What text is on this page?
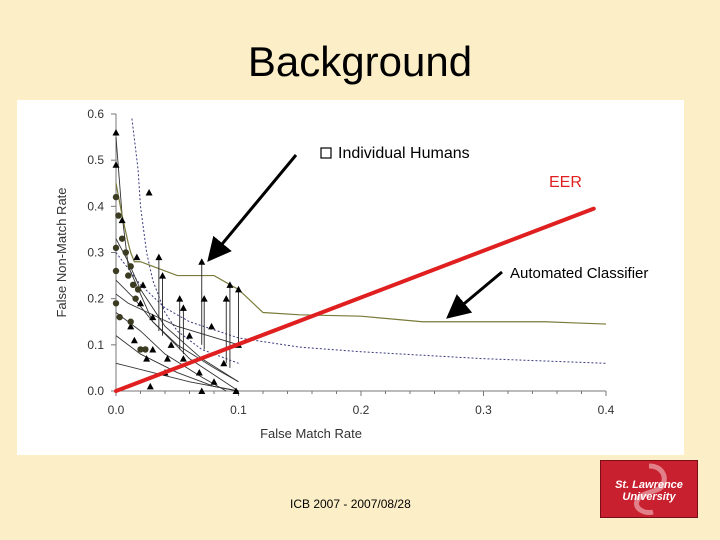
Background
0.0	0.1	0.2	0.3	0.4
0.0
0.1
0.2
0.3
0.4
0.5
0.6
False Match Rate
False Non-Match Rate
Individual Humans
EER
Automated Classifier
ICB 2007 - 2007/08/28
St. Lawrence
University
